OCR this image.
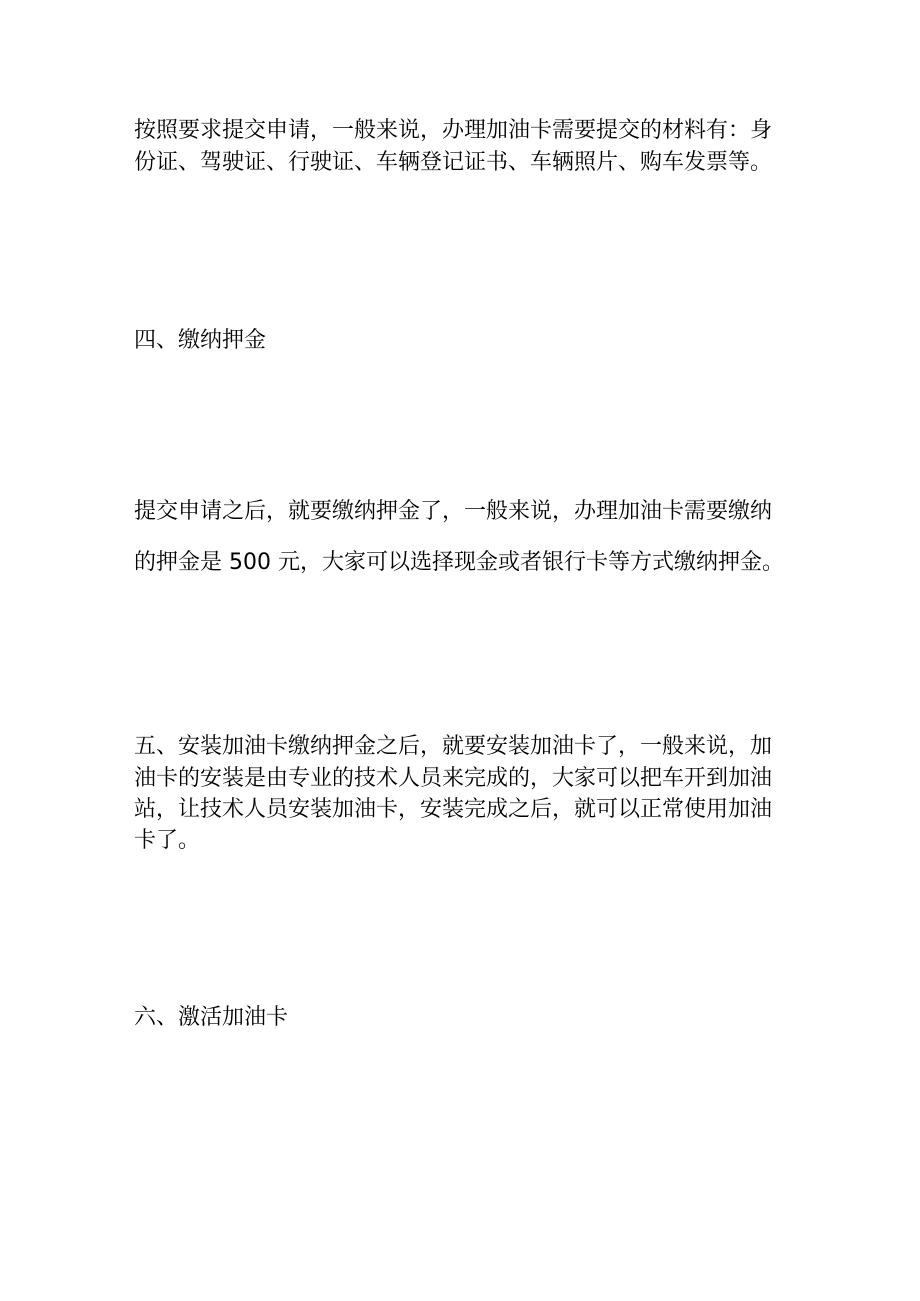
按照要求提交申请，一般来说，办理加油卡需要提交的材料有：身
份证、驾驶证、行驶证、车辆登记证书、车辆照片、购车发票等。
四、缴纳押金
提交申请之后，就要缴纳押金了，一般来说，办理加油卡需要缴纳
的押金是 500 元，大家可以选择现金或者银行卡等方式缴纳押金。
五、安装加油卡缴纳押金之后，就要安装加油卡了，一般来说，加
油卡的安装是由专业的技术人员来完成的，大家可以把车开到加油
站，让技术人员安装加油卡，安装完成之后，就可以正常使用加油
卡了。
六、激活加油卡
